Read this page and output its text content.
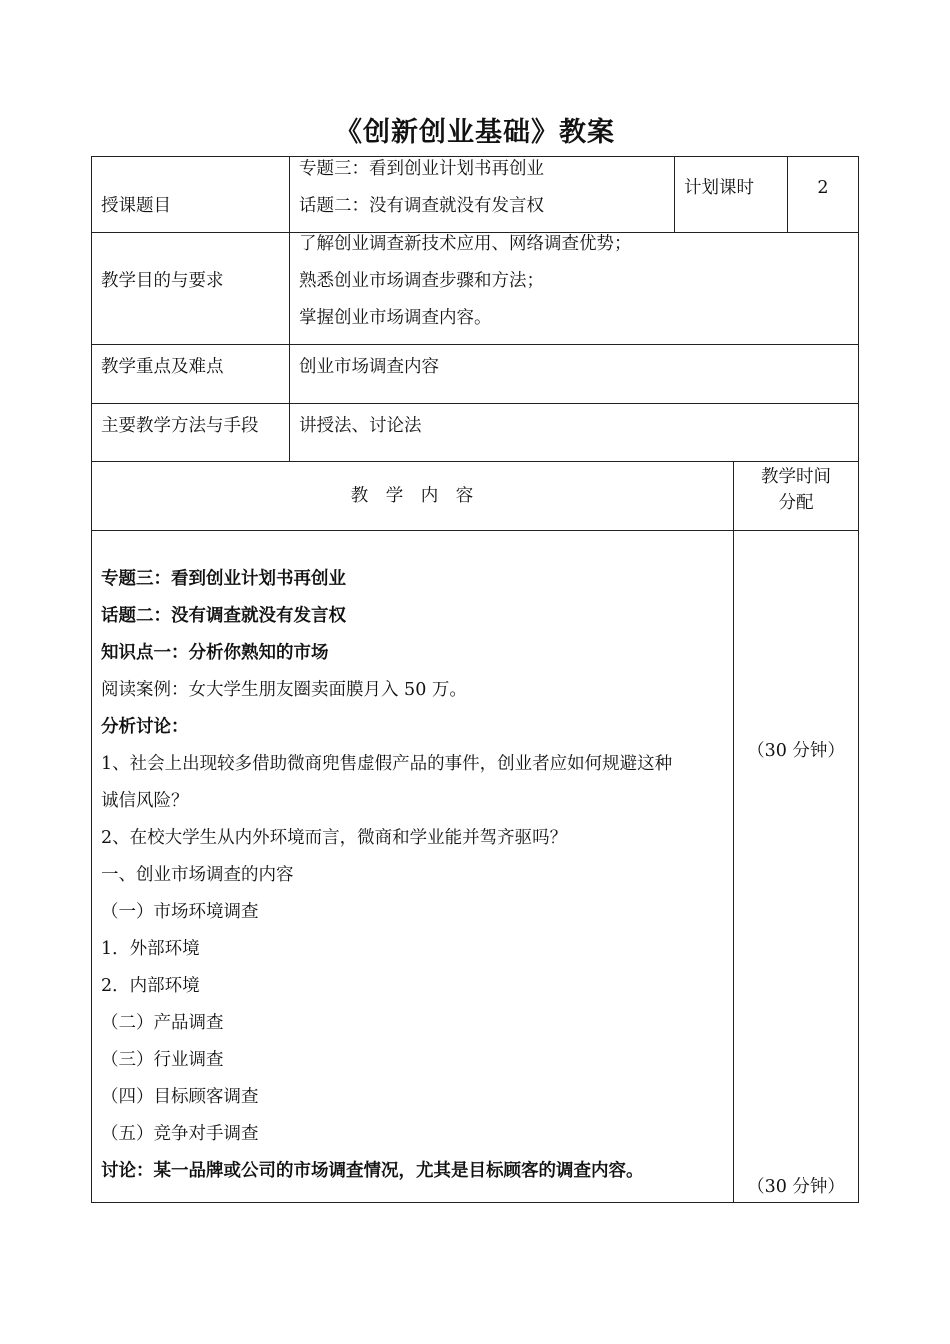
《创新创业基础》教案
授课题目
专题三：看到创业计划书再创业
话题二：没有调查就没有发言权
计划课时	2
教学目的与要求
了解创业调查新技术应用、网络调查优势；
熟悉创业市场调查步骤和方法；
掌握创业市场调查内容。
教学重点及难点	创业市场调查内容
主要教学方法与手段 讲授法、讨论法
教　学　内　容
教学时间
分配
专题三：看到创业计划书再创业
话题二：没有调查就没有发言权
知识点一：分析你熟知的市场
阅读案例：女大学生朋友圈卖面膜月入 50 万。
分析讨论：
1、社会上出现较多借助微商兜售虚假产品的事件，创业者应如何规避这种
诚信风险？
2、在校大学生从内外环境而言，微商和学业能并驾齐驱吗？
一、创业市场调查的内容
（一）市场环境调查
1．外部环境
2．内部环境
（二）产品调查
（三）行业调查
（四）目标顾客调查
（五）竞争对手调查
讨论：某一品牌或公司的市场调查情况，尤其是目标顾客的调查内容。
（30 分钟）
（30 分钟）
